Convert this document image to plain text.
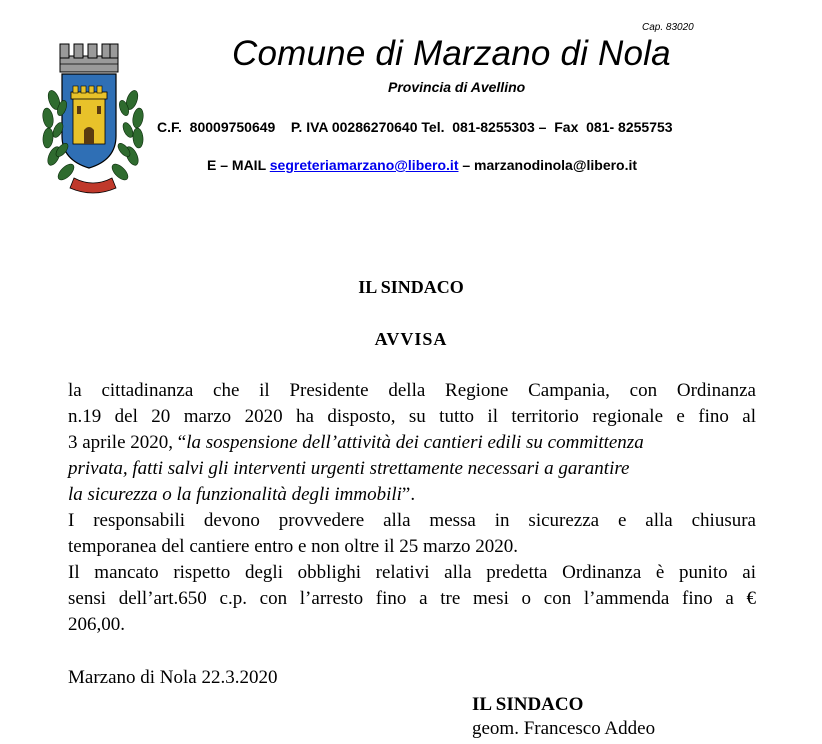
Cap. 83020
Comune di Marzano di Nola
Provincia di Avellino
C.F.  80009750649    P. IVA 00286270640 Tel.  081-8255303 –  Fax  081- 8255753
E – MAIL segreteriamarzano@libero.it – marzanodinola@libero.it
IL SINDACO
AVVISA
la cittadinanza che il Presidente della Regione Campania, con Ordinanza
n.19 del 20 marzo 2020 ha disposto, su tutto il territorio regionale e fino al
3 aprile 2020, “la sospensione dell’attività dei cantieri edili su committenza
privata, fatti salvi gli interventi urgenti strettamente necessari a garantire
la sicurezza o la funzionalità degli immobili”.
I responsabili devono provvedere alla messa in sicurezza e alla chiusura
temporanea del cantiere entro e non oltre il 25 marzo 2020.
Il mancato rispetto degli obblighi relativi alla predetta Ordinanza è punito ai
sensi dell’art.650 c.p. con l’arresto fino a tre mesi o con l’ammenda fino a €
206,00.
Marzano di Nola 22.3.2020
IL SINDACO
geom. Francesco Addeo
